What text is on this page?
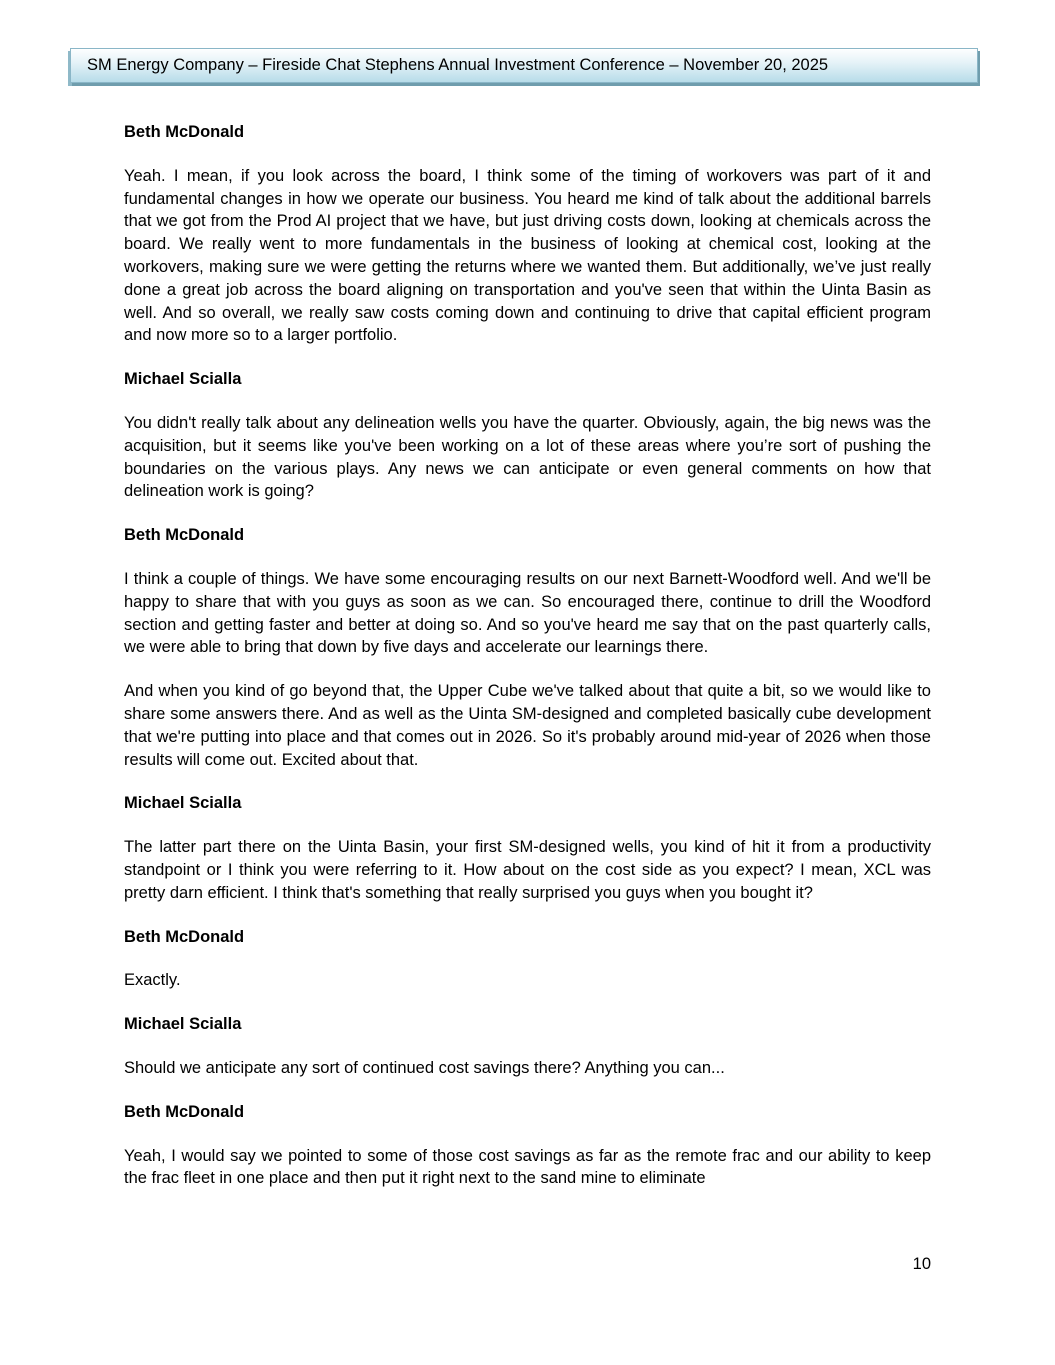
SM Energy Company – Fireside Chat Stephens Annual Investment Conference – November 20, 2025
Beth McDonald
Yeah. I mean, if you look across the board, I think some of the timing of workovers was part of it and fundamental changes in how we operate our business. You heard me kind of talk about the additional barrels that we got from the Prod AI project that we have, but just driving costs down, looking at chemicals across the board. We really went to more fundamentals in the business of looking at chemical cost, looking at the workovers, making sure we were getting the returns where we wanted them. But additionally, we’ve just really done a great job across the board aligning on transportation and you've seen that within the Uinta Basin as well. And so overall, we really saw costs coming down and continuing to drive that capital efficient program and now more so to a larger portfolio.
Michael Scialla
You didn't really talk about any delineation wells you have the quarter. Obviously, again, the big news was the acquisition, but it seems like you've been working on a lot of these areas where you’re sort of pushing the boundaries on the various plays. Any news we can anticipate or even general comments on how that delineation work is going?
Beth McDonald
I think a couple of things. We have some encouraging results on our next Barnett-Woodford well. And we'll be happy to share that with you guys as soon as we can. So encouraged there, continue to drill the Woodford section and getting faster and better at doing so. And so you've heard me say that on the past quarterly calls, we were able to bring that down by five days and accelerate our learnings there.
And when you kind of go beyond that, the Upper Cube we've talked about that quite a bit, so we would like to share some answers there. And as well as the Uinta SM-designed and completed basically cube development that we're putting into place and that comes out in 2026. So it's probably around mid-year of 2026 when those results will come out. Excited about that.
Michael Scialla
The latter part there on the Uinta Basin, your first SM-designed wells, you kind of hit it from a productivity standpoint or I think you were referring to it. How about on the cost side as you expect? I mean, XCL was pretty darn efficient. I think that's something that really surprised you guys when you bought it?
Beth McDonald
Exactly.
Michael Scialla
Should we anticipate any sort of continued cost savings there? Anything you can...
Beth McDonald
Yeah, I would say we pointed to some of those cost savings as far as the remote frac and our ability to keep the frac fleet in one place and then put it right next to the sand mine to eliminate
10
